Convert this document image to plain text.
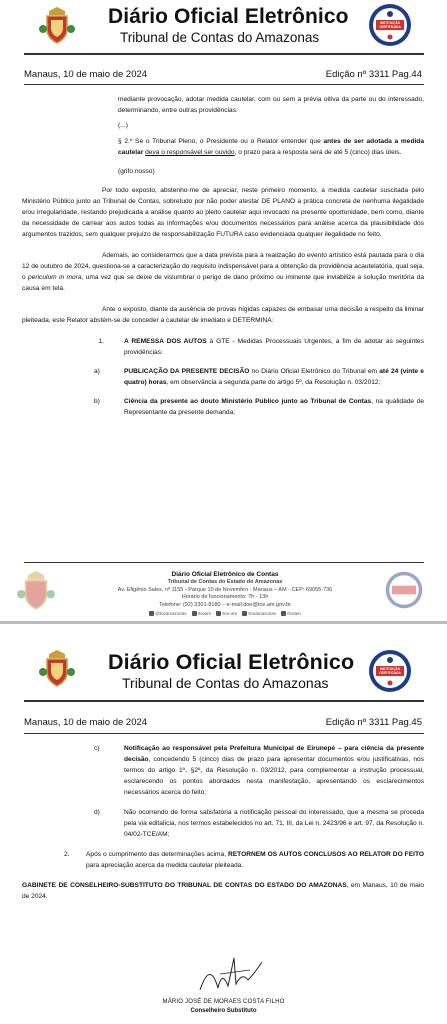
Diário Oficial Eletrônico
Tribunal de Contas do Amazonas
INSTITUIÇÃO
CERTIFICADA
Manaus, 10 de maio de 2024	Edição nº 3311 Pag.44
mediante provocação, adotar medida cautelar, com ou sem a prévia oitiva da parte ou do interessado, determinando, entre outras providências:
(...)
§ 2.º Se o Tribunal Pleno, o Presidente ou o Relator entender que antes de ser adotada a medida cautelar deva o responsável ser ouvido, o prazo para a resposta será de até 5 (cinco) dias úteis.
(grifo nosso)
Por todo exposto, abstenho-me de apreciar, neste primeiro momento, a medida cautelar suscitada pelo Ministério Público junto ao Tribunal de Contas, sobretudo por não poder atestar DE PLANO a prática concreta de nenhuma ilegalidade e/ou irregularidade, restando prejudicada a análise quanto ao pleito cautelar aqui invocado na presente oportunidade, bem como, diante da necessidade de carrear aos autos todas as informações e/ou documentos necessários para análise acerca da plausibilidade dos argumentos trazidos, sem qualquer prejuízo de responsabilização FUTURA caso evidenciada qualquer ilegalidade no feito.
Ademais, ao considerarmos que a data prevista para a realização do evento artístico está pautada para o dia 12 de outubro de 2024, questiona-se a caracterização do requisito indispensável para a obtenção da providência acautelatória, qual seja, o periculum in mora, uma vez que se deixe de vislumbrar o perigo de dano próximo ou iminente que inviabilize a solução meritória da causa em tela.
Ante o exposto, diante da ausência de provas hígidas capazes de embasar uma decisão a respeito da liminar pleiteada, este Relator abstém-se de conceder a cautelar de imediato e DETERMINA:
1.	A REMESSA DOS AUTOS à GTE - Medidas Processuais Urgentes, a fim de adotar as seguintes providências:
a)	PUBLICAÇÃO DA PRESENTE DECISÃO no Diário Oficial Eletrônico do Tribunal em até 24 (vinte e quatro) horas, em observância a segunda parte do artigo 5º, da Resolução n. 03/2012;
b)	Ciência da presente ao douto Ministério Público junto ao Tribunal de Contas, na qualidade de Representante da presente demanda;
Diário Oficial Eletrônico de Contas
Tribunal de Contas do Estado do Amazonas
Av. Efigênio Sales, nº 1155 - Parque 10 de Novembro - Manaus – AM - CEP: 69055-736
Horário de funcionamento: 7h - 13h
Telefone: (92) 3301-8180 – e-mail:doe@tce.am.gov.br
@tceamazonas	/tceam	/tce-am	/tceamazonas	/tceam
Diário Oficial Eletrônico
Tribunal de Contas do Amazonas
INSTITUIÇÃO
CERTIFICADA
Manaus, 10 de maio de 2024	Edição nº 3311 Pag.45
c)	Notificação ao responsável pela Prefeitura Municipal de Eirunepé – para ciência da presente decisão, concedendo 5 (cinco) dias de prazo para apresentar documentos e/ou justificativas, nos termos do artigo 1º, §2º, da Resolução n. 03/2012, para complementar a instrução processual, esclarecendo os pontos abordados nesta manifestação, apresentando os esclarecimentos necessários acerca do feito;
d)	Não ocorrendo de forma satisfatória a notificação pessoal do interessado, que a mesma se proceda pela via editalícia, nos termos estabelecidos no art. 71, III, da Lei n. 2423/96 e art. 97, da Resolução n. 04/02-TCE/AM;
2.	Após o cumprimento das determinações acima, RETORNEM OS AUTOS CONCLUSOS AO RELATOR DO FEITO para apreciação acerca da medida cautelar pleiteada.
GABINETE DE CONSELHEIRO-SUBSTITUTO DO TRIBUNAL DE CONTAS DO ESTADO DO AMAZONAS, em Manaus, 10 de maio de 2024.
MÁRIO JOSÉ DE MORAES COSTA FILHO
Conselheiro Substituto
